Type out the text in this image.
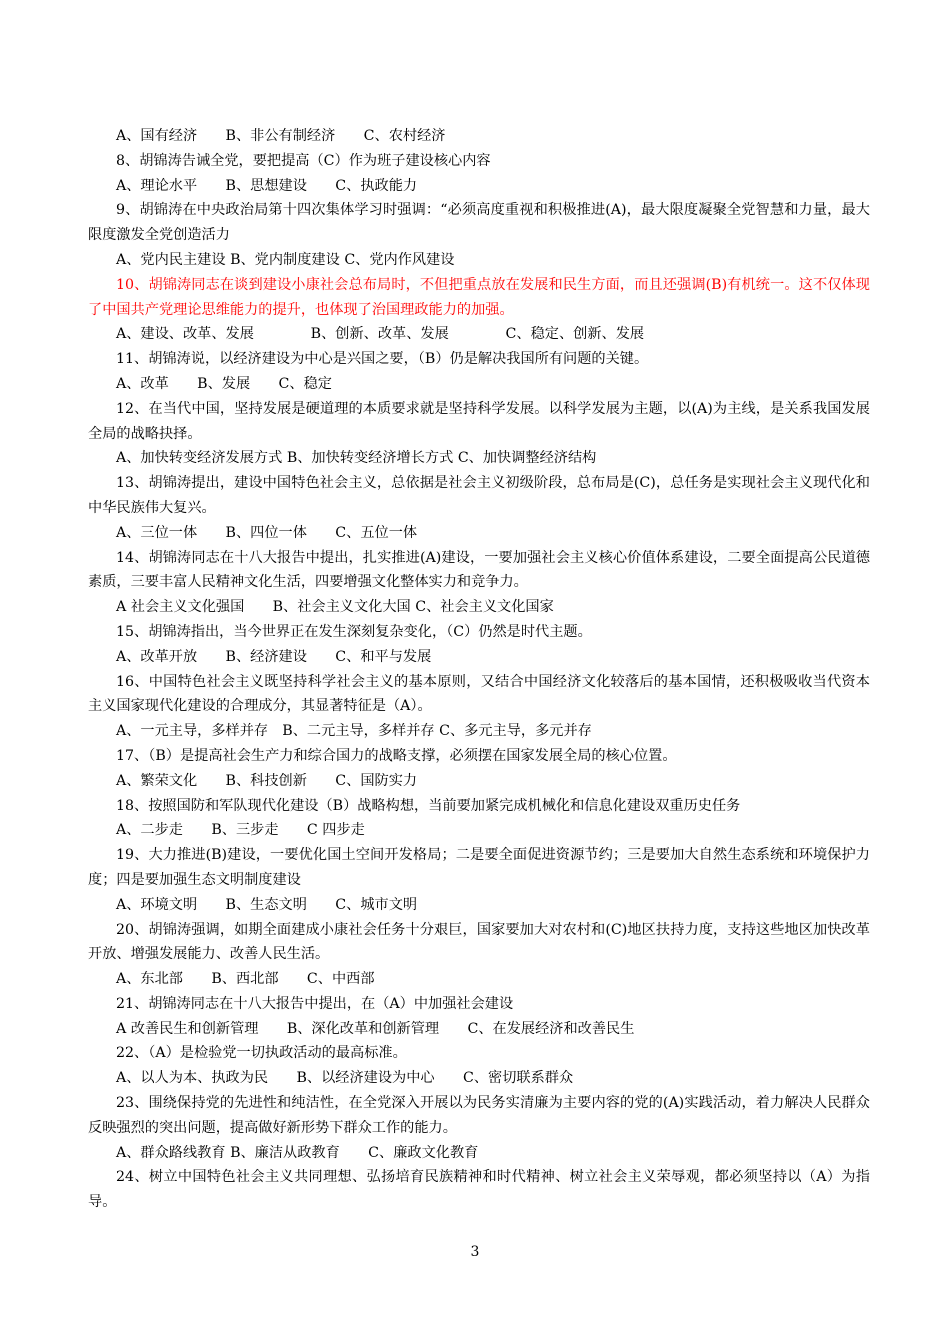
A、国有经济　　B、非公有制经济　　C、农村经济
8、胡锦涛告诫全党，要把提高（C）作为班子建设核心内容
A、理论水平　　B、思想建设　　C、执政能力
9、胡锦涛在中央政治局第十四次集体学习时强调：“必须高度重视和积极推进(A)，最大限度凝聚全党智慧和力量，最大限度激发全党创造活力
A、党内民主建设 B、党内制度建设 C、党内作风建设
10、胡锦涛同志在谈到建设小康社会总布局时，不但把重点放在发展和民生方面，而且还强调(B)有机统一。这不仅体现了中国共产党理论思维能力的提升，也体现了治国理政能力的加强。
A、建设、改革、发展　　　　B、创新、改革、发展　　　　C、稳定、创新、发展
11、胡锦涛说，以经济建设为中心是兴国之要，（B）仍是解决我国所有问题的关键。
A、改革　　B、发展　　C、稳定
12、在当代中国，坚持发展是硬道理的本质要求就是坚持科学发展。以科学发展为主题，以(A)为主线，是关系我国发展全局的战略抉择。
A、加快转变经济发展方式 B、加快转变经济增长方式 C、加快调整经济结构
13、胡锦涛提出，建设中国特色社会主义，总依据是社会主义初级阶段，总布局是(C)，总任务是实现社会主义现代化和中华民族伟大复兴。
A、三位一体　　B、四位一体　　C、五位一体
14、胡锦涛同志在十八大报告中提出，扎实推进(A)建设，一要加强社会主义核心价值体系建设，二要全面提高公民道德素质，三要丰富人民精神文化生活，四要增强文化整体实力和竞争力。
A 社会主义文化强国　　B、社会主义文化大国 C、社会主义文化国家
15、胡锦涛指出，当今世界正在发生深刻复杂变化，（C）仍然是时代主题。
A、改革开放　　B、经济建设　　C、和平与发展
16、中国特色社会主义既坚持科学社会主义的基本原则，又结合中国经济文化较落后的基本国情，还积极吸收当代资本主义国家现代化建设的合理成分，其显著特征是（A）。
A、一元主导，多样并存　B、二元主导，多样并存 C、多元主导，多元并存
17、（B）是提高社会生产力和综合国力的战略支撑，必须摆在国家发展全局的核心位置。
A、繁荣文化　　B、科技创新　　C、国防实力
18、按照国防和军队现代化建设（B）战略构想，当前要加紧完成机械化和信息化建设双重历史任务
A、二步走　　B、三步走　　C 四步走
19、大力推进(B)建设，一要优化国土空间开发格局；二是要全面促进资源节约；三是要加大自然生态系统和环境保护力度；四是要加强生态文明制度建设
A、环境文明　　B、生态文明　　C、城市文明
20、胡锦涛强调，如期全面建成小康社会任务十分艰巨，国家要加大对农村和(C)地区扶持力度，支持这些地区加快改革开放、增强发展能力、改善人民生活。
A、东北部　　B、西北部　　C、中西部
21、胡锦涛同志在十八大报告中提出，在（A）中加强社会建设
A 改善民生和创新管理　　B、深化改革和创新管理　　C、在发展经济和改善民生
22、（A）是检验党一切执政活动的最高标准。
A、以人为本、执政为民　　B、以经济建设为中心　　C、密切联系群众
23、围绕保持党的先进性和纯洁性，在全党深入开展以为民务实清廉为主要内容的党的(A)实践活动，着力解决人民群众反映强烈的突出问题，提高做好新形势下群众工作的能力。
A、群众路线教育 B、廉洁从政教育　　C、廉政文化教育
24、树立中国特色社会主义共同理想、弘扬培育民族精神和时代精神、树立社会主义荣辱观，都必须坚持以（A）为指导。
3
